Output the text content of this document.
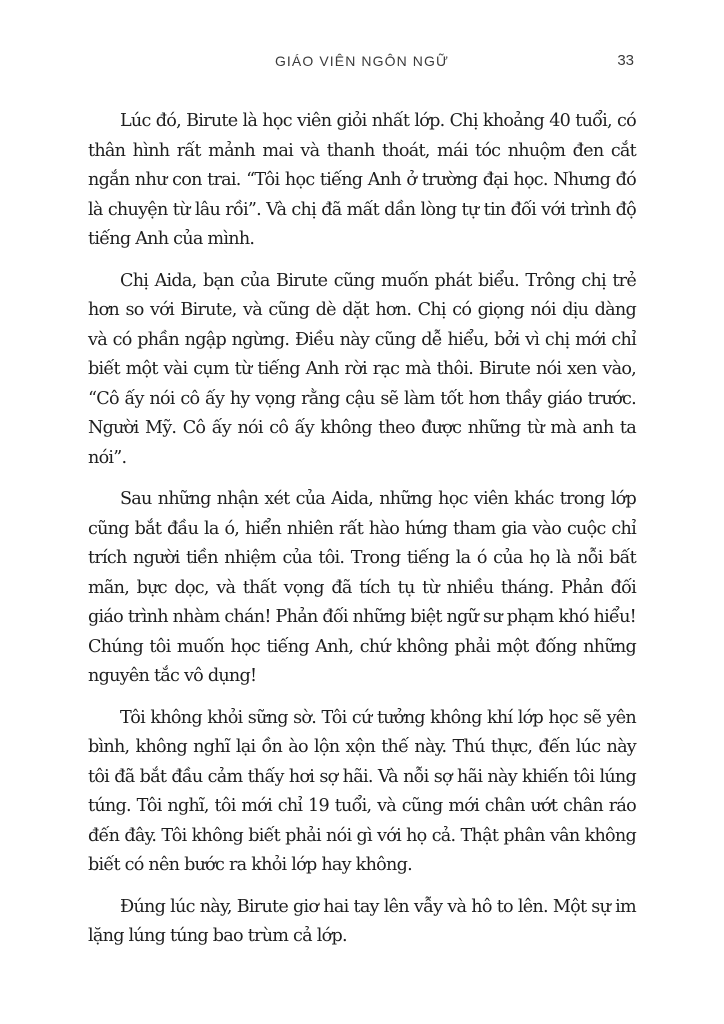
GIÁO VIÊN NGÔN NGỮ	33

Lúc đó, Birute là học viên giỏi nhất lớp. Chị khoảng 40 tuổi, có thân hình rất mảnh mai và thanh thoát, mái tóc nhuộm đen cắt ngắn như con trai. “Tôi học tiếng Anh ở trường đại học. Nhưng đó là chuyện từ lâu rồi”. Và chị đã mất dần lòng tự tin đối với trình độ tiếng Anh của mình.

Chị Aida, bạn của Birute cũng muốn phát biểu. Trông chị trẻ hơn so với Birute, và cũng dè dặt hơn. Chị có giọng nói dịu dàng và có phần ngập ngừng. Điều này cũng dễ hiểu, bởi vì chị mới chỉ biết một vài cụm từ tiếng Anh rời rạc mà thôi. Birute nói xen vào, “Cô ấy nói cô ấy hy vọng rằng cậu sẽ làm tốt hơn thầy giáo trước. Người Mỹ. Cô ấy nói cô ấy không theo được những từ mà anh ta nói”.

Sau những nhận xét của Aida, những học viên khác trong lớp cũng bắt đầu la ó, hiển nhiên rất hào hứng tham gia vào cuộc chỉ trích người tiền nhiệm của tôi. Trong tiếng la ó của họ là nỗi bất mãn, bực dọc, và thất vọng đã tích tụ từ nhiều tháng. Phản đối giáo trình nhàm chán! Phản đối những biệt ngữ sư phạm khó hiểu! Chúng tôi muốn học tiếng Anh, chứ không phải một đống những nguyên tắc vô dụng!

Tôi không khỏi sững sờ. Tôi cứ tưởng không khí lớp học sẽ yên bình, không nghĩ lại ồn ào lộn xộn thế này. Thú thực, đến lúc này tôi đã bắt đầu cảm thấy hơi sợ hãi. Và nỗi sợ hãi này khiến tôi lúng túng. Tôi nghĩ, tôi mới chỉ 19 tuổi, và cũng mới chân ướt chân ráo đến đây. Tôi không biết phải nói gì với họ cả. Thật phân vân không biết có nên bước ra khỏi lớp hay không.

Đúng lúc này, Birute giơ hai tay lên vẫy và hô to lên. Một sự im lặng lúng túng bao trùm cả lớp.
